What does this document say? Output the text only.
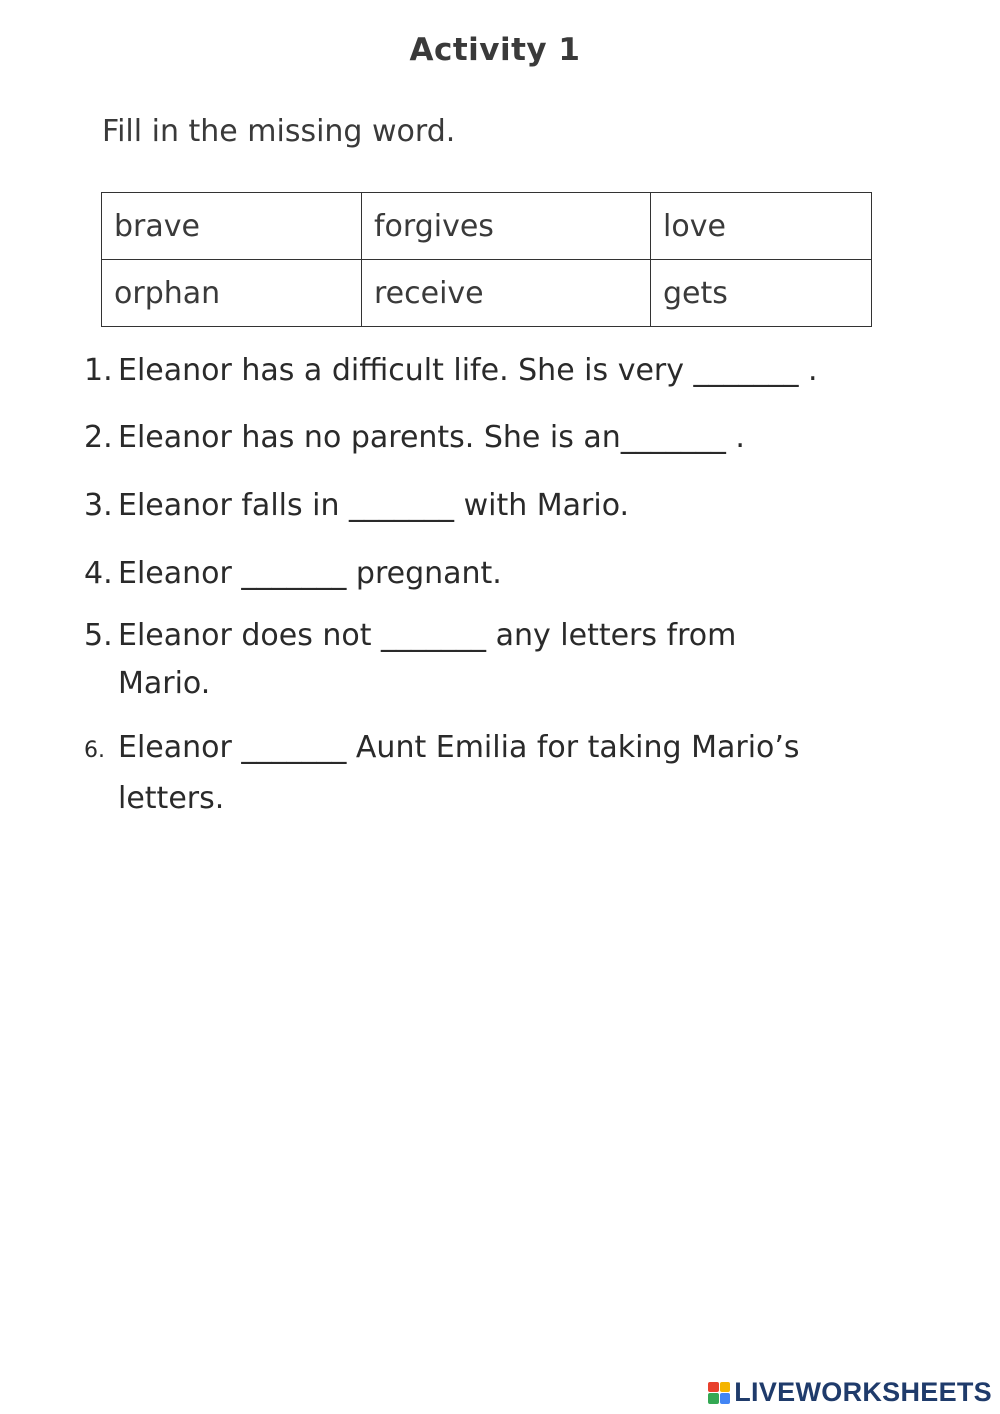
Activity 1
Fill in the missing word.
brave	forgives	love
orphan	receive	gets
1. Eleanor has a difficult life. She is very _______ .
2. Eleanor has no parents. She is an_______ .
3. Eleanor falls in _______ with Mario.
4. Eleanor _______ pregnant.
5. Eleanor does not _______ any letters from
Mario.
6. Eleanor _______ Aunt Emilia for taking Mario’s
letters.
LIVEWORKSHEETS
